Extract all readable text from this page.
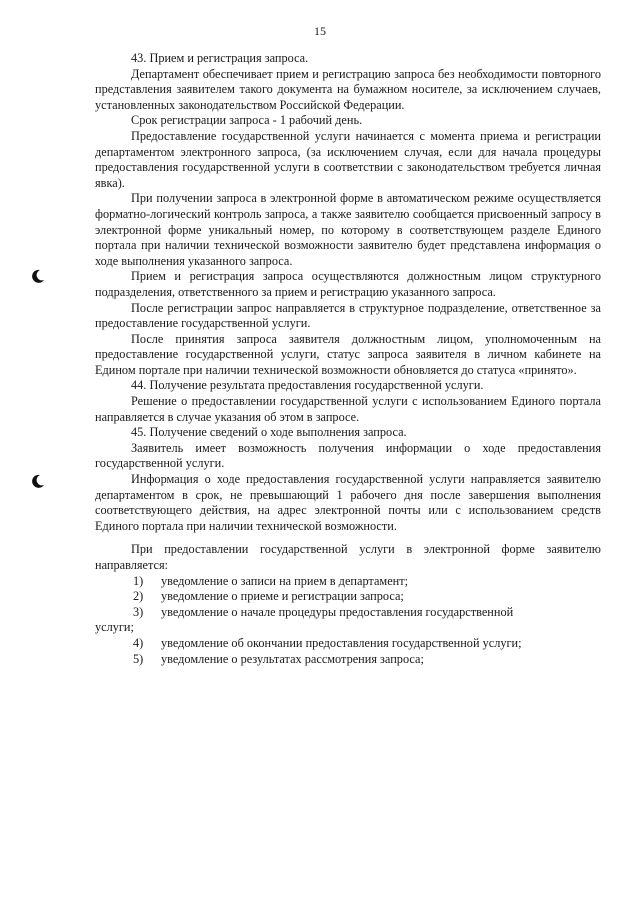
15

43. Прием и регистрация запроса.

Департамент обеспечивает прием и регистрацию запроса без необходимости повторного представления заявителем такого документа на бумажном носителе, за исключением случаев, установленных законодательством Российской Федерации.

Срок регистрации запроса - 1 рабочий день.

Предоставление государственной услуги начинается с момента приема и регистрации департаментом электронного запроса, (за исключением случая, если для начала процедуры предоставления государственной услуги в соответствии с законодательством требуется личная явка).

При получении запроса в электронной форме в автоматическом режиме осуществляется форматно-логический контроль запроса, а также заявителю сообщается присвоенный запросу в электронной форме уникальный номер, по которому в соответствующем разделе Единого портала при наличии технической возможности заявителю будет представлена информация о ходе выполнения указанного запроса.

Прием и регистрация запроса осуществляются должностным лицом структурного подразделения, ответственного за прием и регистрацию указанного запроса.

После регистрации запрос направляется в структурное подразделение, ответственное за предоставление государственной услуги.

После принятия запроса заявителя должностным лицом, уполномоченным на предоставление государственной услуги, статус запроса заявителя в личном кабинете на Едином портале при наличии технической возможности обновляется до статуса «принято».

44. Получение результата предоставления государственной услуги.

Решение о предоставлении государственной услуги с использованием Единого портала направляется в случае указания об этом в запросе.

45. Получение сведений о ходе выполнения запроса.

Заявитель имеет возможность получения информации о ходе предоставления государственной услуги.

Информация о ходе предоставления государственной услуги направляется заявителю департаментом в срок, не превышающий 1 рабочего дня после завершения выполнения соответствующего действия, на адрес электронной почты или с использованием средств Единого портала при наличии технической возможности.

При предоставлении государственной услуги в электронной форме заявителю направляется:

1)	уведомление о записи на прием в департамент;
2)	уведомление о приеме и регистрации запроса;
3)	уведомление о начале процедуры предоставления государственной

услуги;

4)	уведомление об окончании предоставления государственной услуги;
5)	уведомление о результатах рассмотрения запроса;
